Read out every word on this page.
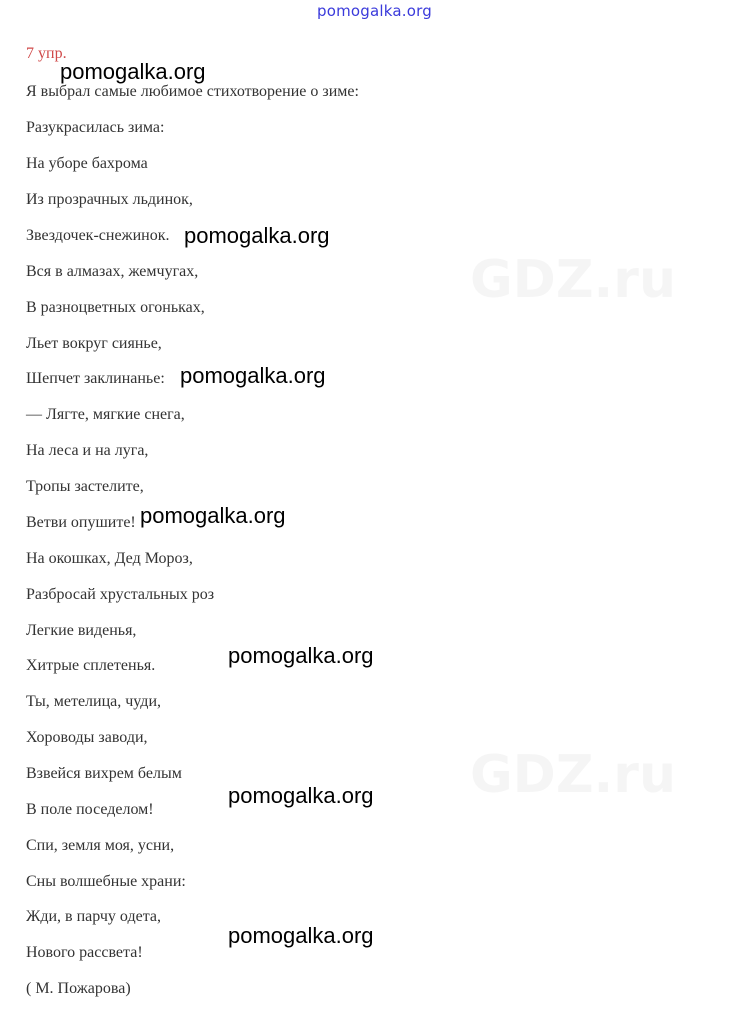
pomogalka.org
GDZ.ru
GDZ.ru
7 упр.
Я выбрал самые любимое стихотворение о зиме:
Разукрасилась зима:
На уборе бахрома
Из прозрачных льдинок,
Звездочек-снежинок.
Вся в алмазах, жемчугах,
В разноцветных огоньках,
Льет вокруг сиянье,
Шепчет заклинанье:
— Лягте, мягкие снега,
На леса и на луга,
Тропы застелите,
Ветви опушите!
На окошках, Дед Мороз,
Разбросай хрустальных роз
Легкие виденья,
Хитрые сплетенья.
Ты, метелица, чуди,
Хороводы заводи,
Взвейся вихрем белым
В поле поседелом!
Спи, земля моя, усни,
Сны волшебные храни:
Жди, в парчу одета,
Нового рассвета!
( М. Пожарова)
pomogalka.org
pomogalka.org
pomogalka.org
pomogalka.org
pomogalka.org
pomogalka.org
pomogalka.org
